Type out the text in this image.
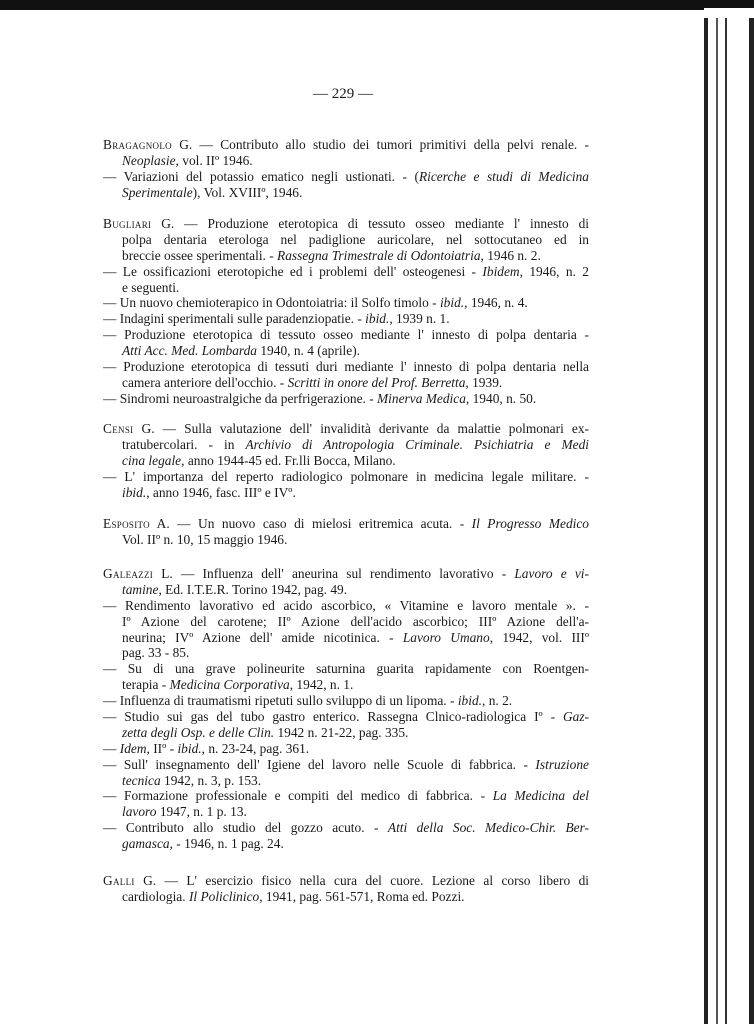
— 229 —
Bragagnolo G. — Contributo allo studio dei tumori primitivi della pelvi renale. -
Neoplasie, vol. IIº 1946.
— Variazioni del potassio ematico negli ustionati. - (Ricerche e studi di Medicina
Sperimentale), Vol. XVIIIº, 1946.
Bugliari G. — Produzione eterotopica di tessuto osseo mediante l' innesto di
polpa dentaria eterologa nel padiglione auricolare, nel sottocutaneo ed in
breccie ossee sperimentali. - Rassegna Trimestrale di Odontoiatria, 1946 n. 2.
— Le ossificazioni eterotopiche ed i problemi dell' osteogenesi - Ibidem, 1946, n. 2
e seguenti.
— Un nuovo chemioterapico in Odontoiatria: il Solfo timolo - ibid., 1946, n. 4.
— Indagini sperimentali sulle paradenziopatie. - ibid., 1939 n. 1.
— Produzione eterotopica di tessuto osseo mediante l' innesto di polpa dentaria -
Atti Acc. Med. Lombarda 1940, n. 4 (aprile).
— Produzione eterotopica di tessuti duri mediante l' innesto di polpa dentaria nella
camera anteriore dell'occhio. - Scritti in onore del Prof. Berretta, 1939.
— Sindromi neuroastralgiche da perfrigerazione. - Minerva Medica, 1940, n. 50.
Censi G. — Sulla valutazione dell' invalidità derivante da malattie polmonari ex-
tratubercolari. - in Archivio di Antropologia Criminale. Psichiatria e Medi
cina legale, anno 1944-45 ed. Fr.lli Bocca, Milano.
— L' importanza del reperto radiologico polmonare in medicina legale militare. -
ibid., anno 1946, fasc. IIIº e IVº.
Esposito A. — Un nuovo caso di mielosi eritremica acuta. - Il Progresso Medico
Vol. IIº n. 10, 15 maggio 1946.
Galeazzi L. — Influenza dell' aneurina sul rendimento lavorativo - Lavoro e vi-
tamine, Ed. I.T.E.R. Torino 1942, pag. 49.
— Rendimento lavorativo ed acido ascorbico, « Vitamine e lavoro mentale ». -
Iº Azione del carotene; IIº Azione dell'acido ascorbico; IIIº Azione dell'a-
neurina; IVº Azione dell' amide nicotinica. - Lavoro Umano, 1942, vol. IIIº
pag. 33 - 85.
— Su di una grave polineurite saturnina guarita rapidamente con Roentgen-
terapia - Medicina Corporativa, 1942, n. 1.
— Influenza di traumatismi ripetuti sullo sviluppo di un lipoma. - ibid., n. 2.
— Studio sui gas del tubo gastro enterico. Rassegna Clnico-radiologica Iº - Gaz-
zetta degli Osp. e delle Clin. 1942 n. 21-22, pag. 335.
— Idem, IIº - ibid., n. 23-24, pag. 361.
— Sull' insegnamento dell' Igiene del lavoro nelle Scuole di fabbrica. - Istruzione
tecnica 1942, n. 3, p. 153.
— Formazione professionale e compiti del medico di fabbrica. - La Medicina del
lavoro 1947, n. 1 p. 13.
— Contributo allo studio del gozzo acuto. - Atti della Soc. Medico-Chir. Ber-
gamasca, - 1946, n. 1 pag. 24.
Galli G. — L' esercizio fisico nella cura del cuore. Lezione al corso libero di
cardiologia. Il Policlinico, 1941, pag. 561-571, Roma ed. Pozzi.
